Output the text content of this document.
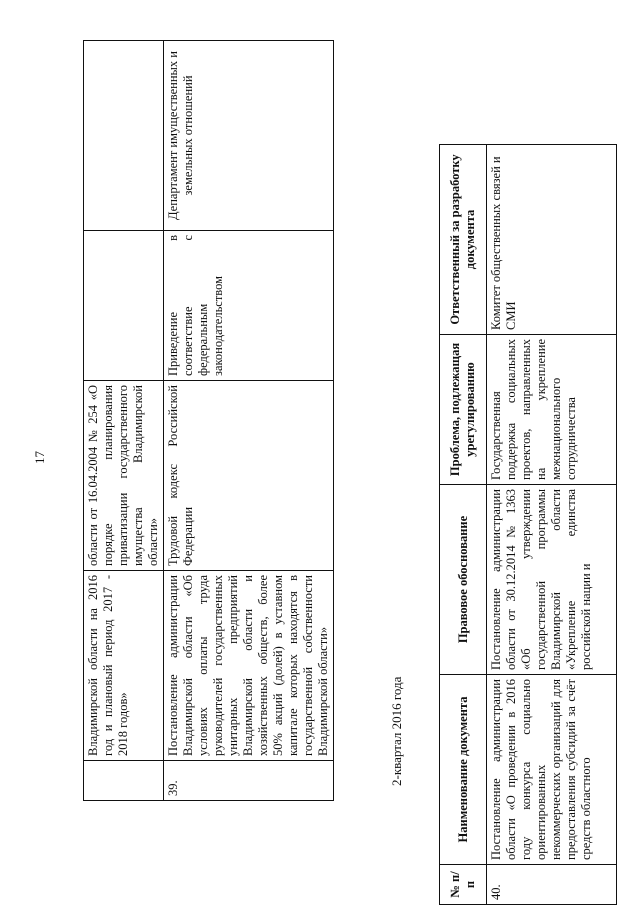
17
	Владимирской области на 2016 год и плановый период 2017 - 2018 годов»	области от 16.04.2004 № 254 «О порядке планирования приватизации государственного имущества Владимирской области»		
39.	Постановление администрации Владимирской области «Об условиях оплаты труда руководителей государственных унитарных предприятий Владимирской области и хозяйственных обществ, более 50% акций (долей) в уставном капитале которых находятся в государственной собственности Владимирской области»	Трудовой кодекс Российской Федерации	Приведение в соответствие с федеральным законодательством	Департамент имущественных и земельных отношений
2-квартал 2016 года
№ п/п	Наименование документа	Правовое обоснование	Проблема, подлежащая урегулированию	Ответственный за разработку документа
40.	Постановление администрации области «О проведении в 2016 году конкурса социально ориентированных некоммерческих организаций для предоставления субсидий за счёт средств областного	Постановление администрации области от 30.12.2014 № 1363 «Об утверждении государственной программы Владимирской области «Укрепление единства российской нации и	Государственная поддержка социальных проектов, направленных на укрепление межнационального сотрудничества	Комитет общественных связей и СМИ
